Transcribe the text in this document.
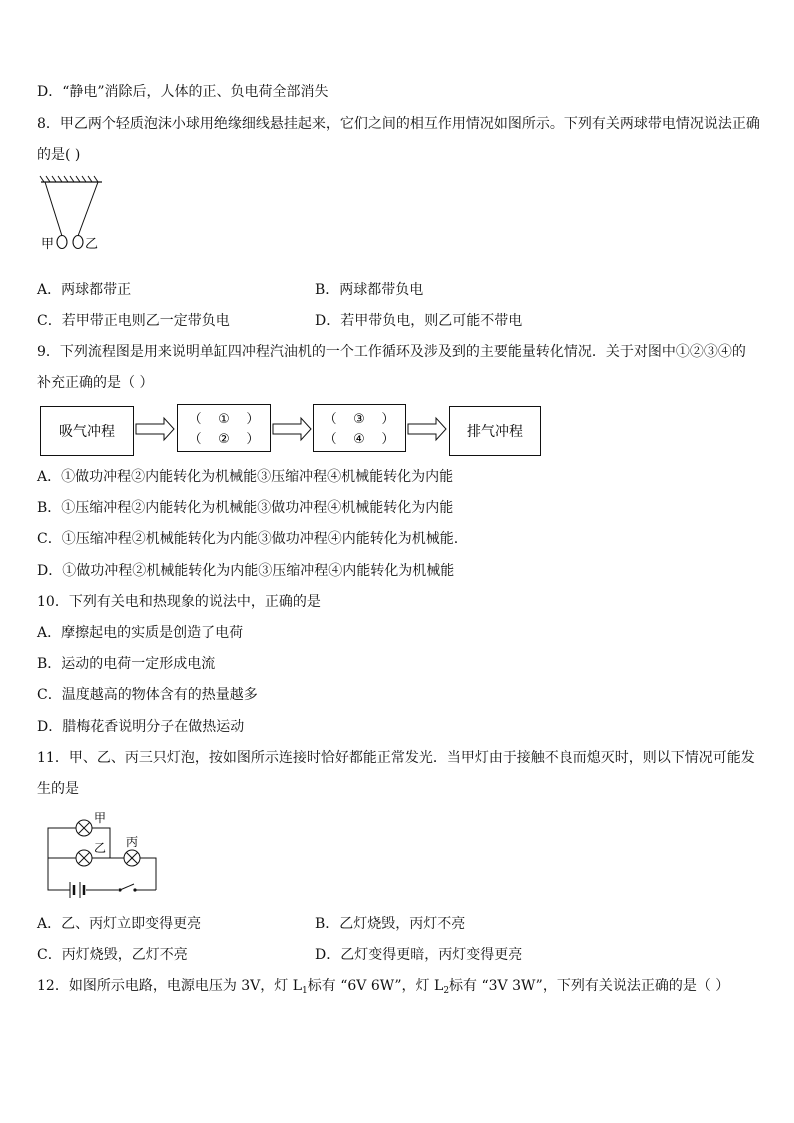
D．“静电”消除后，人体的正、负电荷全部消失
8．甲乙两个轻质泡沫小球用绝缘细线悬挂起来，它们之间的相互作用情况如图所示。下列有关两球带电情况说法正确
的是( )
甲 乙
A．两球都带正	B．两球都带负电
C．若甲带正电则乙一定带负电	D．若甲带负电，则乙可能不带电
9．下列流程图是用来说明单缸四冲程汽油机的一个工作循环及涉及到的主要能量转化情况．关于对图中①②③④的
补充正确的是（ ）
吸气冲程
（    ①    ）
（    ②    ）
（    ③    ）
（    ④    ）	排气冲程
A．①做功冲程②内能转化为机械能③压缩冲程④机械能转化为内能
B．①压缩冲程②内能转化为机械能③做功冲程④机械能转化为内能
C．①压缩冲程②机械能转化为内能③做功冲程④内能转化为机械能.
D．①做功冲程②机械能转化为内能③压缩冲程④内能转化为机械能
10．下列有关电和热现象的说法中，正确的是
A．摩擦起电的实质是创造了电荷
B．运动的电荷一定形成电流
C．温度越高的物体含有的热量越多
D．腊梅花香说明分子在做热运动
11．甲、乙、丙三只灯泡，按如图所示连接时恰好都能正常发光．当甲灯由于接触不良而熄灭时，则以下情况可能发
生的是
甲
乙 丙
A．乙、丙灯立即变得更亮	B．乙灯烧毁，丙灯不亮
C．丙灯烧毁，乙灯不亮	D．乙灯变得更暗，丙灯变得更亮
12．如图所示电路，电源电压为 3V，灯 $L_1$标有 “6V 6W”，灯 $L_2$标有 “3V 3W”，下列有关说法正确的是（ ）
